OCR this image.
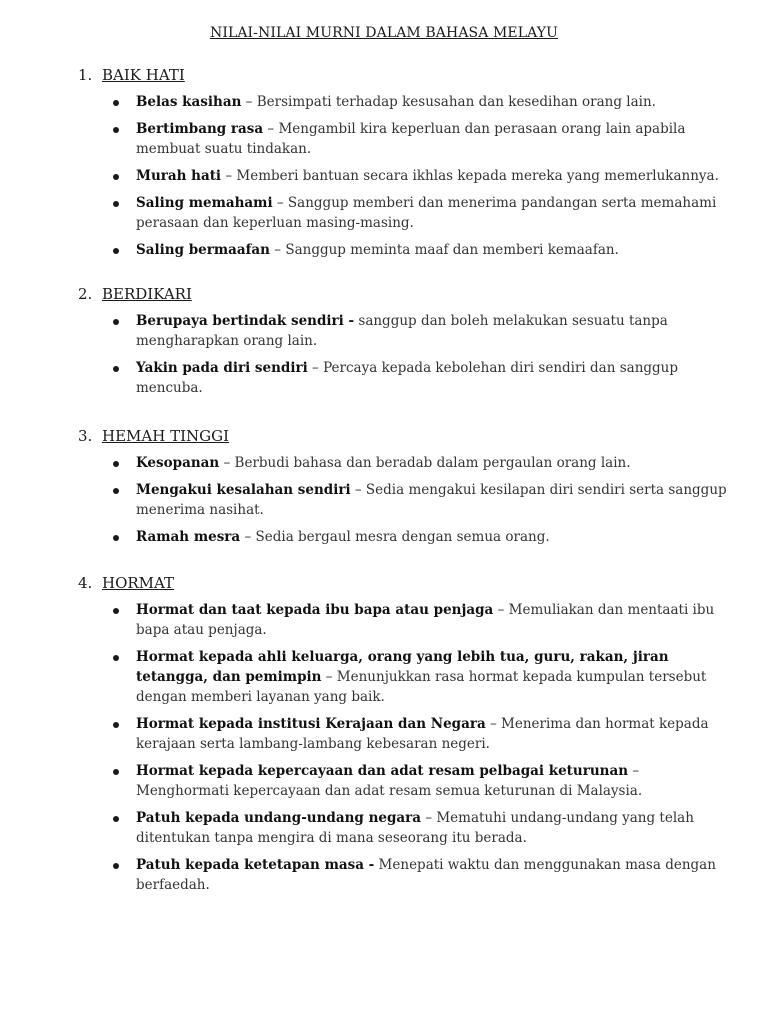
NILAI-NILAI MURNI DALAM BAHASA MELAYU
1. BAIK HATI
Belas kasihan – Bersimpati terhadap kesusahan dan kesedihan orang lain.
Bertimbang rasa – Mengambil kira keperluan dan perasaan orang lain apabila membuat suatu tindakan.
Murah hati – Memberi bantuan secara ikhlas kepada mereka yang memerlukannya.
Saling memahami – Sanggup memberi dan menerima pandangan serta memahami perasaan dan keperluan masing-masing.
Saling bermaafan – Sanggup meminta maaf dan memberi kemaafan.
2. BERDIKARI
Berupaya bertindak sendiri - sanggup dan boleh melakukan sesuatu tanpa mengharapkan orang lain.
Yakin pada diri sendiri – Percaya kepada kebolehan diri sendiri dan sanggup mencuba.
3. HEMAH TINGGI
Kesopanan – Berbudi bahasa dan beradab dalam pergaulan orang lain.
Mengakui kesalahan sendiri – Sedia mengakui kesilapan diri sendiri serta sanggup menerima nasihat.
Ramah mesra – Sedia bergaul mesra dengan semua orang.
4. HORMAT
Hormat dan taat kepada ibu bapa atau penjaga – Memuliakan dan mentaati ibu bapa atau penjaga.
Hormat kepada ahli keluarga, orang yang lebih tua, guru, rakan, jiran tetangga, dan pemimpin – Menunjukkan rasa hormat kepada kumpulan tersebut dengan memberi layanan yang baik.
Hormat kepada institusi Kerajaan dan Negara – Menerima dan hormat kepada kerajaan serta lambang-lambang kebesaran negeri.
Hormat kepada kepercayaan dan adat resam pelbagai keturunan – Menghormati kepercayaan dan adat resam semua keturunan di Malaysia.
Patuh kepada undang-undang negara – Mematuhi undang-undang yang telah ditentukan tanpa mengira di mana seseorang itu berada.
Patuh kepada ketetapan masa - Menepati waktu dan menggunakan masa dengan berfaedah.
